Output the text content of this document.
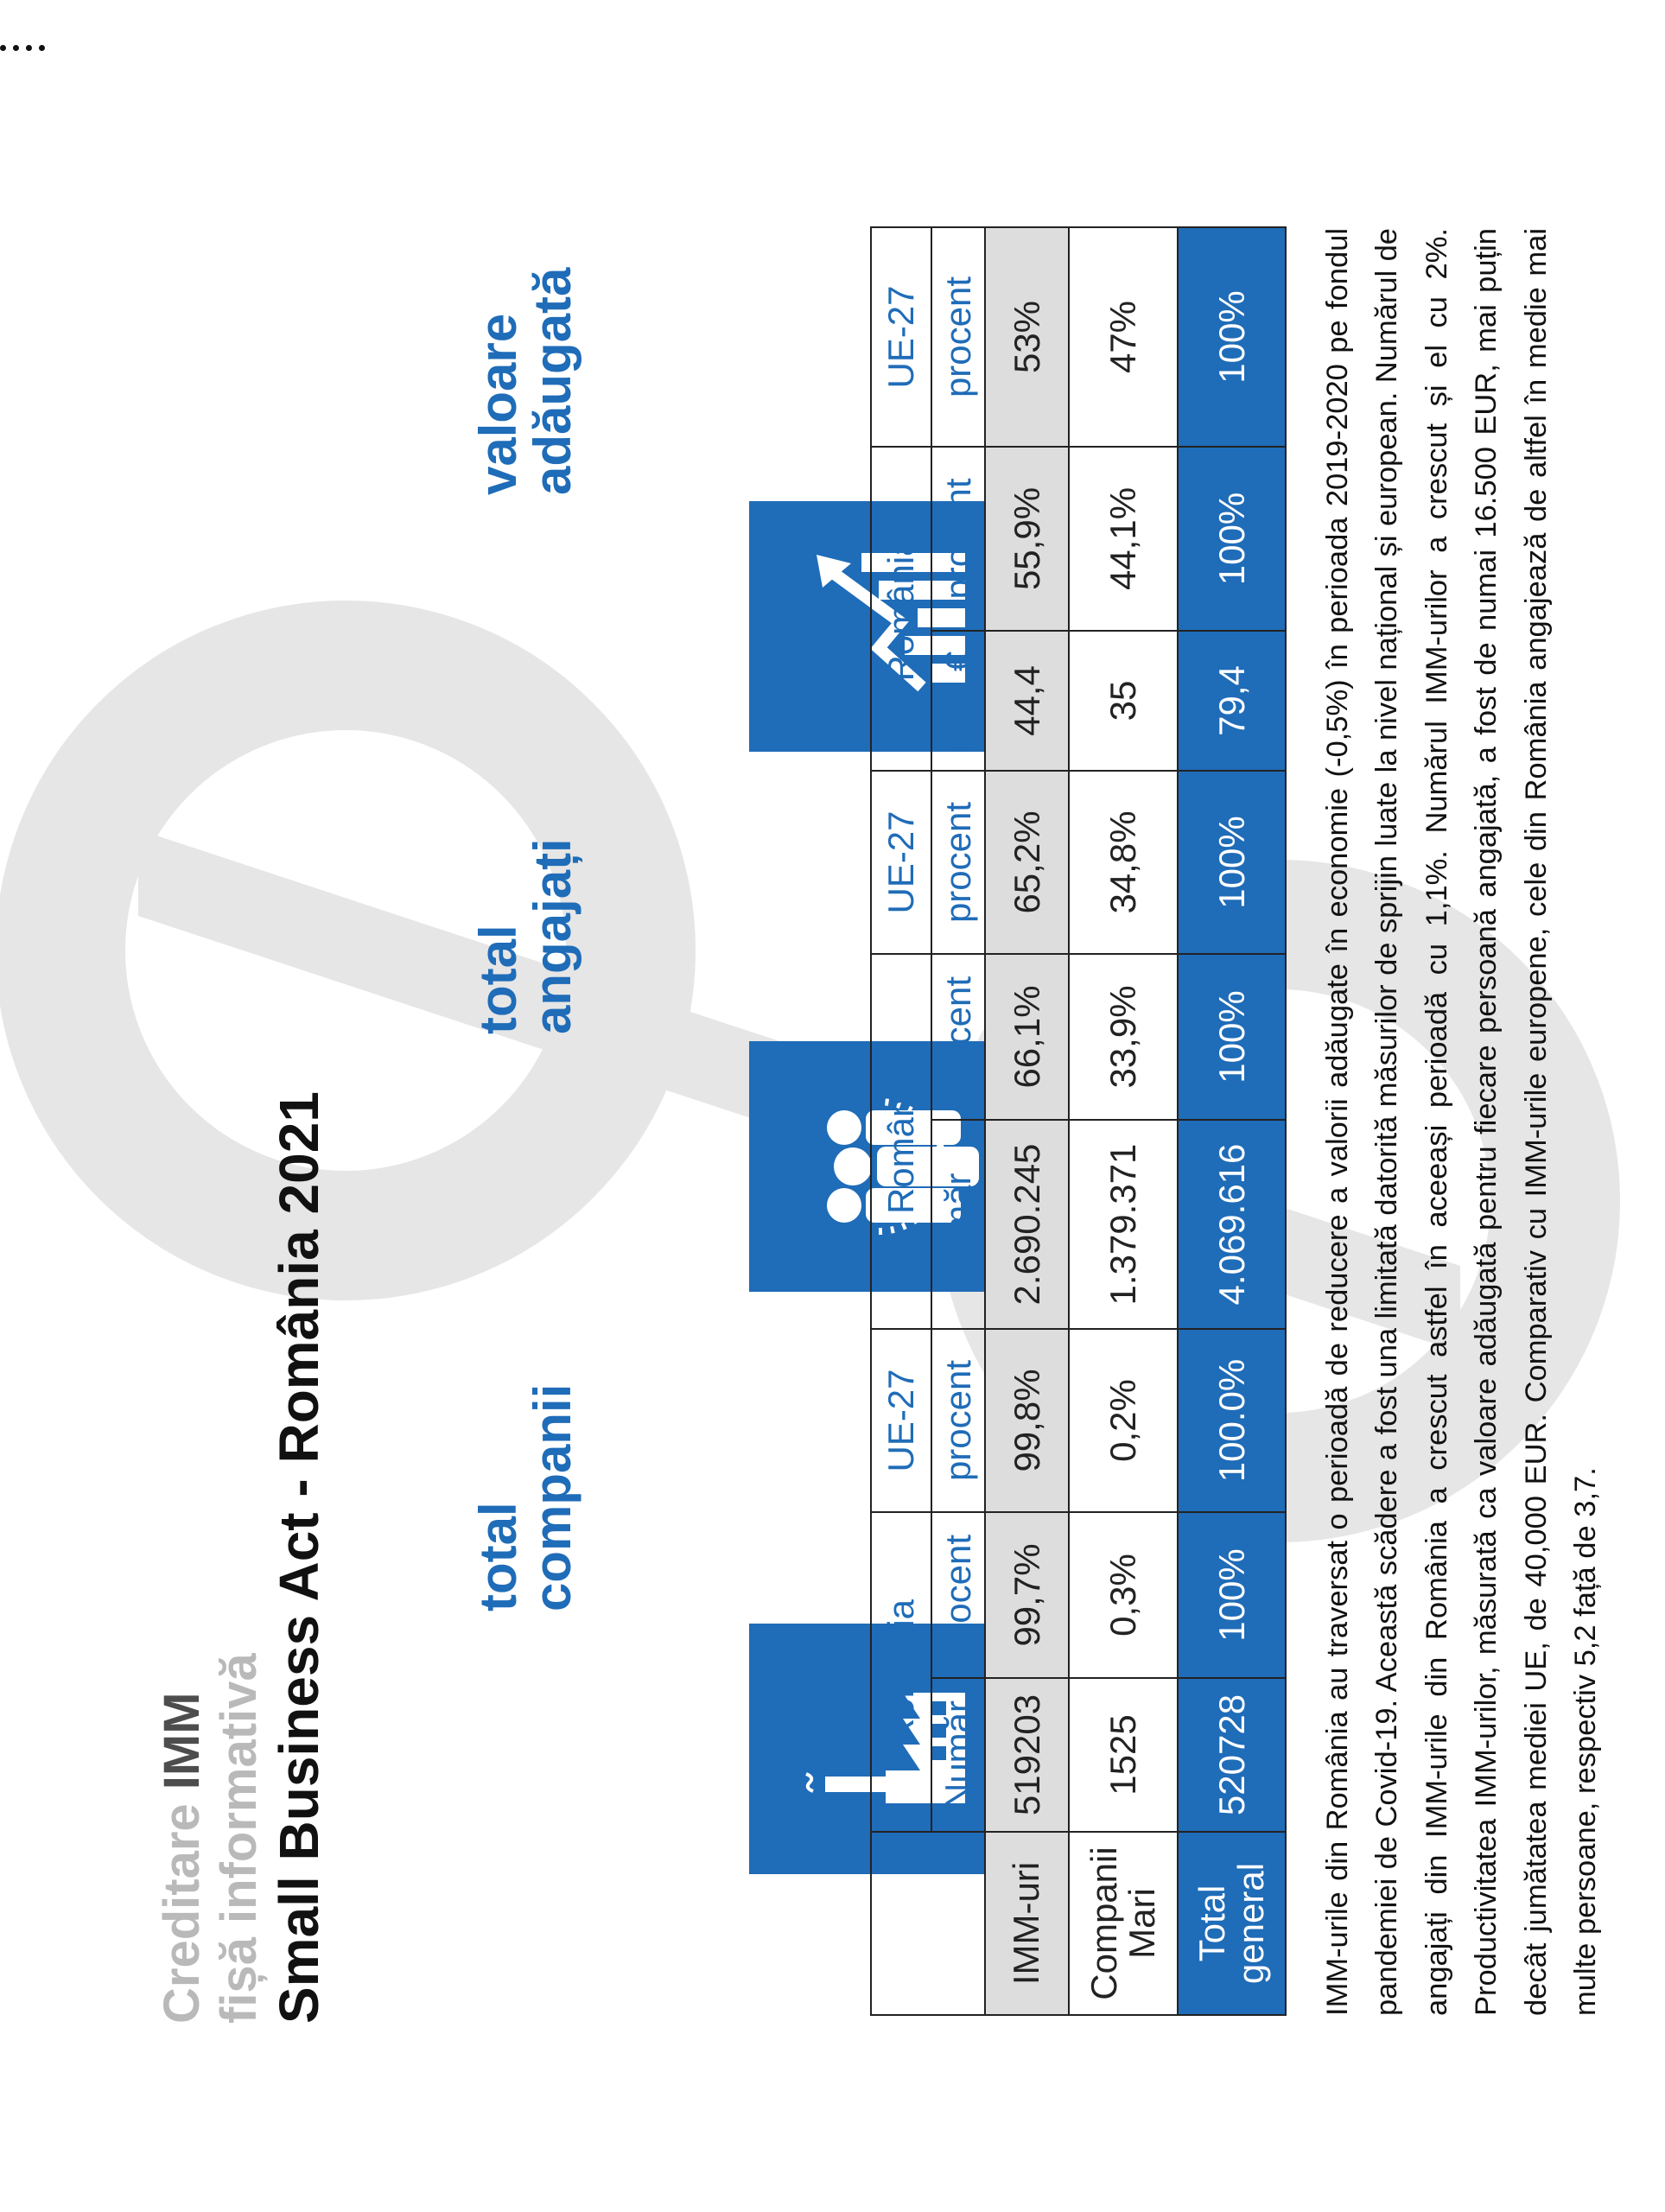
Creditare IMM fișă informativă Small Business Act - România 2021	total
companii
total
angajați
valoare
adăugată
	România		UE-27	România		UE-27	România		UE-27
	Număr	procent	procent	număr	procent	procent	mld. €	procent	procent
IMM-uri	519203	99,7%	99,8%	2.690.245	66,1%	65,2%	44,4	55,9%	53%

Companii
Mari	1525	0,3%	0,2%	1.379.371	33,9%	34,8%	35	44,1%	47%

Total
general	520728	100%	100.0%	4.069.616	100%	100%	79,4	100%	100% IMM-urile din România au traversat o perioadă de reducere a valorii adăugate în economie (-0,5%) în perioada 2019-2020 pe fondul pandemiei de Covid-19. Această scădere a fost una limitată datorită măsurilor de sprijin luate la nivel național și european. Numărul de angajați din IMM-urile din România a crescut astfel în aceeași perioadă cu 1,1%. Numărul IMM-urilor a crescut și el cu 2%. Productivitatea IMM-urilor, măsurată ca valoare adăugată pentru fiecare persoană angajată, a fost de numai 16.500 EUR, mai puțin decât jumătatea mediei UE, de 40,000 EUR. Comparativ cu IMM-urile europene, cele din România angajează de altfel în medie mai multe persoane, respectiv 5,2 față de 3,7.
